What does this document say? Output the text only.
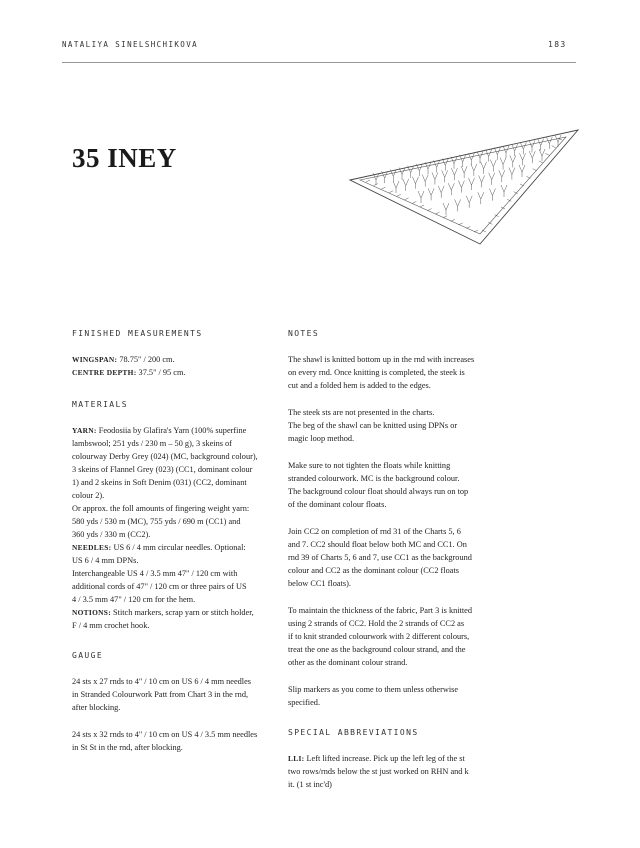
NATALIYA SINELSHCHIKOVA	183
35 INEY
FINISHED MEASUREMENTS

WINGSPAN: 78.75" / 200 cm.

CENTRE DEPTH: 37.5" / 95 cm.

MATERIALS

YARN: Feodosiia by Glafira's Yarn (100% superfine

lambswool; 251 yds / 230 m – 50 g), 3 skeins of

colourway Derby Grey (024) (MC, background colour),

3 skeins of Flannel Grey (023) (CC1, dominant colour

1) and 2 skeins in Soft Denim (031) (CC2, dominant

colour 2).

Or approx. the foll amounts of fingering weight yarn:

580 yds / 530 m (MC), 755 yds / 690 m (CC1) and

360 yds / 330 m (CC2).

NEEDLES: US 6 / 4 mm circular needles. Optional:

US 6 / 4 mm DPNs.

Interchangeable US 4 / 3.5 mm 47" / 120 cm with

additional cords of 47" / 120 cm or three pairs of US

4 / 3.5 mm 47" / 120 cm for the hem.

NOTIONS: Stitch markers, scrap yarn or stitch holder,

F / 4 mm crochet hook.

GAUGE

24 sts x 27 rnds to 4" / 10 cm on US 6 / 4 mm needles

in Stranded Colourwork Patt from Chart 3 in the rnd,

after blocking.

24 sts x 32 rnds to 4" / 10 cm on US 4 / 3.5 mm needles

in St St in the rnd, after blocking.

NOTES

The shawl is knitted bottom up in the rnd with increases

on every rnd. Once knitting is completed, the steek is

cut and a folded hem is added to the edges.

The steek sts are not presented in the charts.

The beg of the shawl can be knitted using DPNs or

magic loop method.

Make sure to not tighten the floats while knitting

stranded colourwork. MC is the background colour.

The background colour float should always run on top

of the dominant colour floats.

Join CC2 on completion of rnd 31 of the Charts 5, 6

and 7. CC2 should float below both MC and CC1. On

rnd 39 of Charts 5, 6 and 7, use CC1 as the background

colour and CC2 as the dominant colour (CC2 floats

below CC1 floats).

To maintain the thickness of the fabric, Part 3 is knitted

using 2 strands of CC2. Hold the 2 strands of CC2 as

if to knit stranded colourwork with 2 different colours,

treat the one as the background colour strand, and the

other as the dominant colour strand.

Slip markers as you come to them unless otherwise

specified.

SPECIAL ABBREVIATIONS

LLI: Left lifted increase. Pick up the left leg of the st

two rows/rnds below the st just worked on RHN and k

it. (1 st inc'd)
